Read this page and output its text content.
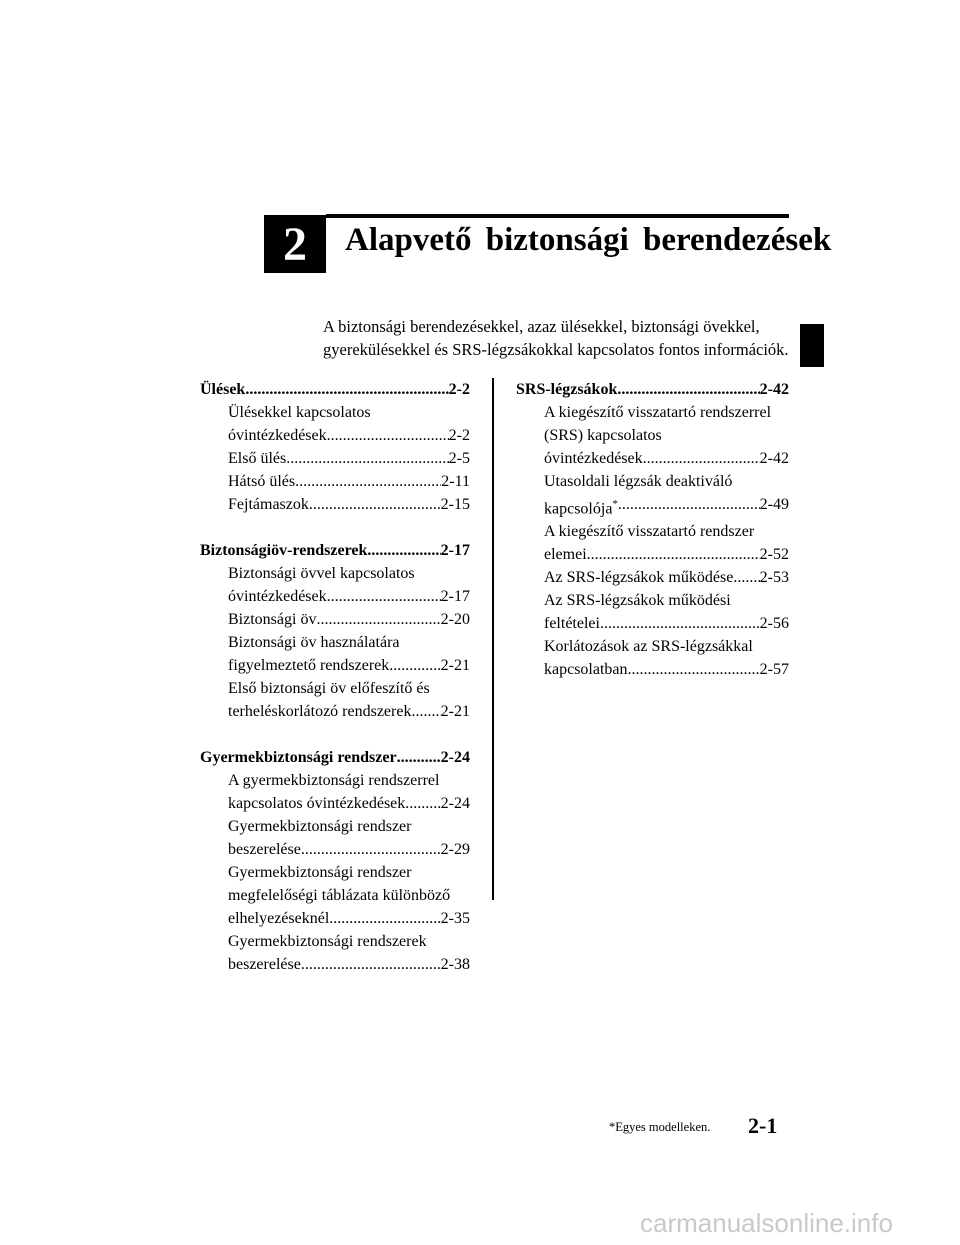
2	Alapvető biztonsági berendezések
A biztonsági berendezésekkel, azaz ülésekkel, biztonsági övekkel,
gyerekülésekkel és SRS-légzsákokkal kapcsolatos fontos információk.
Ülések .....	2-2
Ülésekkel kapcsolatos
óvintézkedések .....	2-2
Első ülés .....	2-5
Hátsó ülés .....	2-11
Fejtámaszok .....	2-15
Biztonságiöv-rendszerek .....	2-17
Biztonsági övvel kapcsolatos
óvintézkedések .....	2-17
Biztonsági öv .....	2-20
Biztonsági öv használatára
figyelmeztető rendszerek .....	2-21
Első biztonsági öv előfeszítő és
terheléskorlátozó rendszerek ..... 2-21
Gyermekbiztonsági rendszer .....	2-24
A gyermekbiztonsági rendszerrel
kapcsolatos óvintézkedések ..... 2-24
Gyermekbiztonsági rendszer
beszerelése .....	2-29
Gyermekbiztonsági rendszer
megfelelőségi táblázata különböző
elhelyezéseknél .....	2-35
Gyermekbiztonsági rendszerek
beszerelése .....	2-38
SRS-légzsákok .....	2-42
A kiegészítő visszatartó rendszerrel
(SRS) kapcsolatos
óvintézkedések .....	2-42
Utasoldali légzsák deaktiváló
kapcsolója* .....	2-49
A kiegészítő visszatartó rendszer
elemei .....	2-52
Az SRS-légzsákok működése ..... 2-53
Az SRS-légzsákok működési
feltételei .....	2-56
Korlátozások az SRS-légzsákkal
kapcsolatban .....	2-57
*Egyes modelleken. 2-1
carmanualsonline.info
